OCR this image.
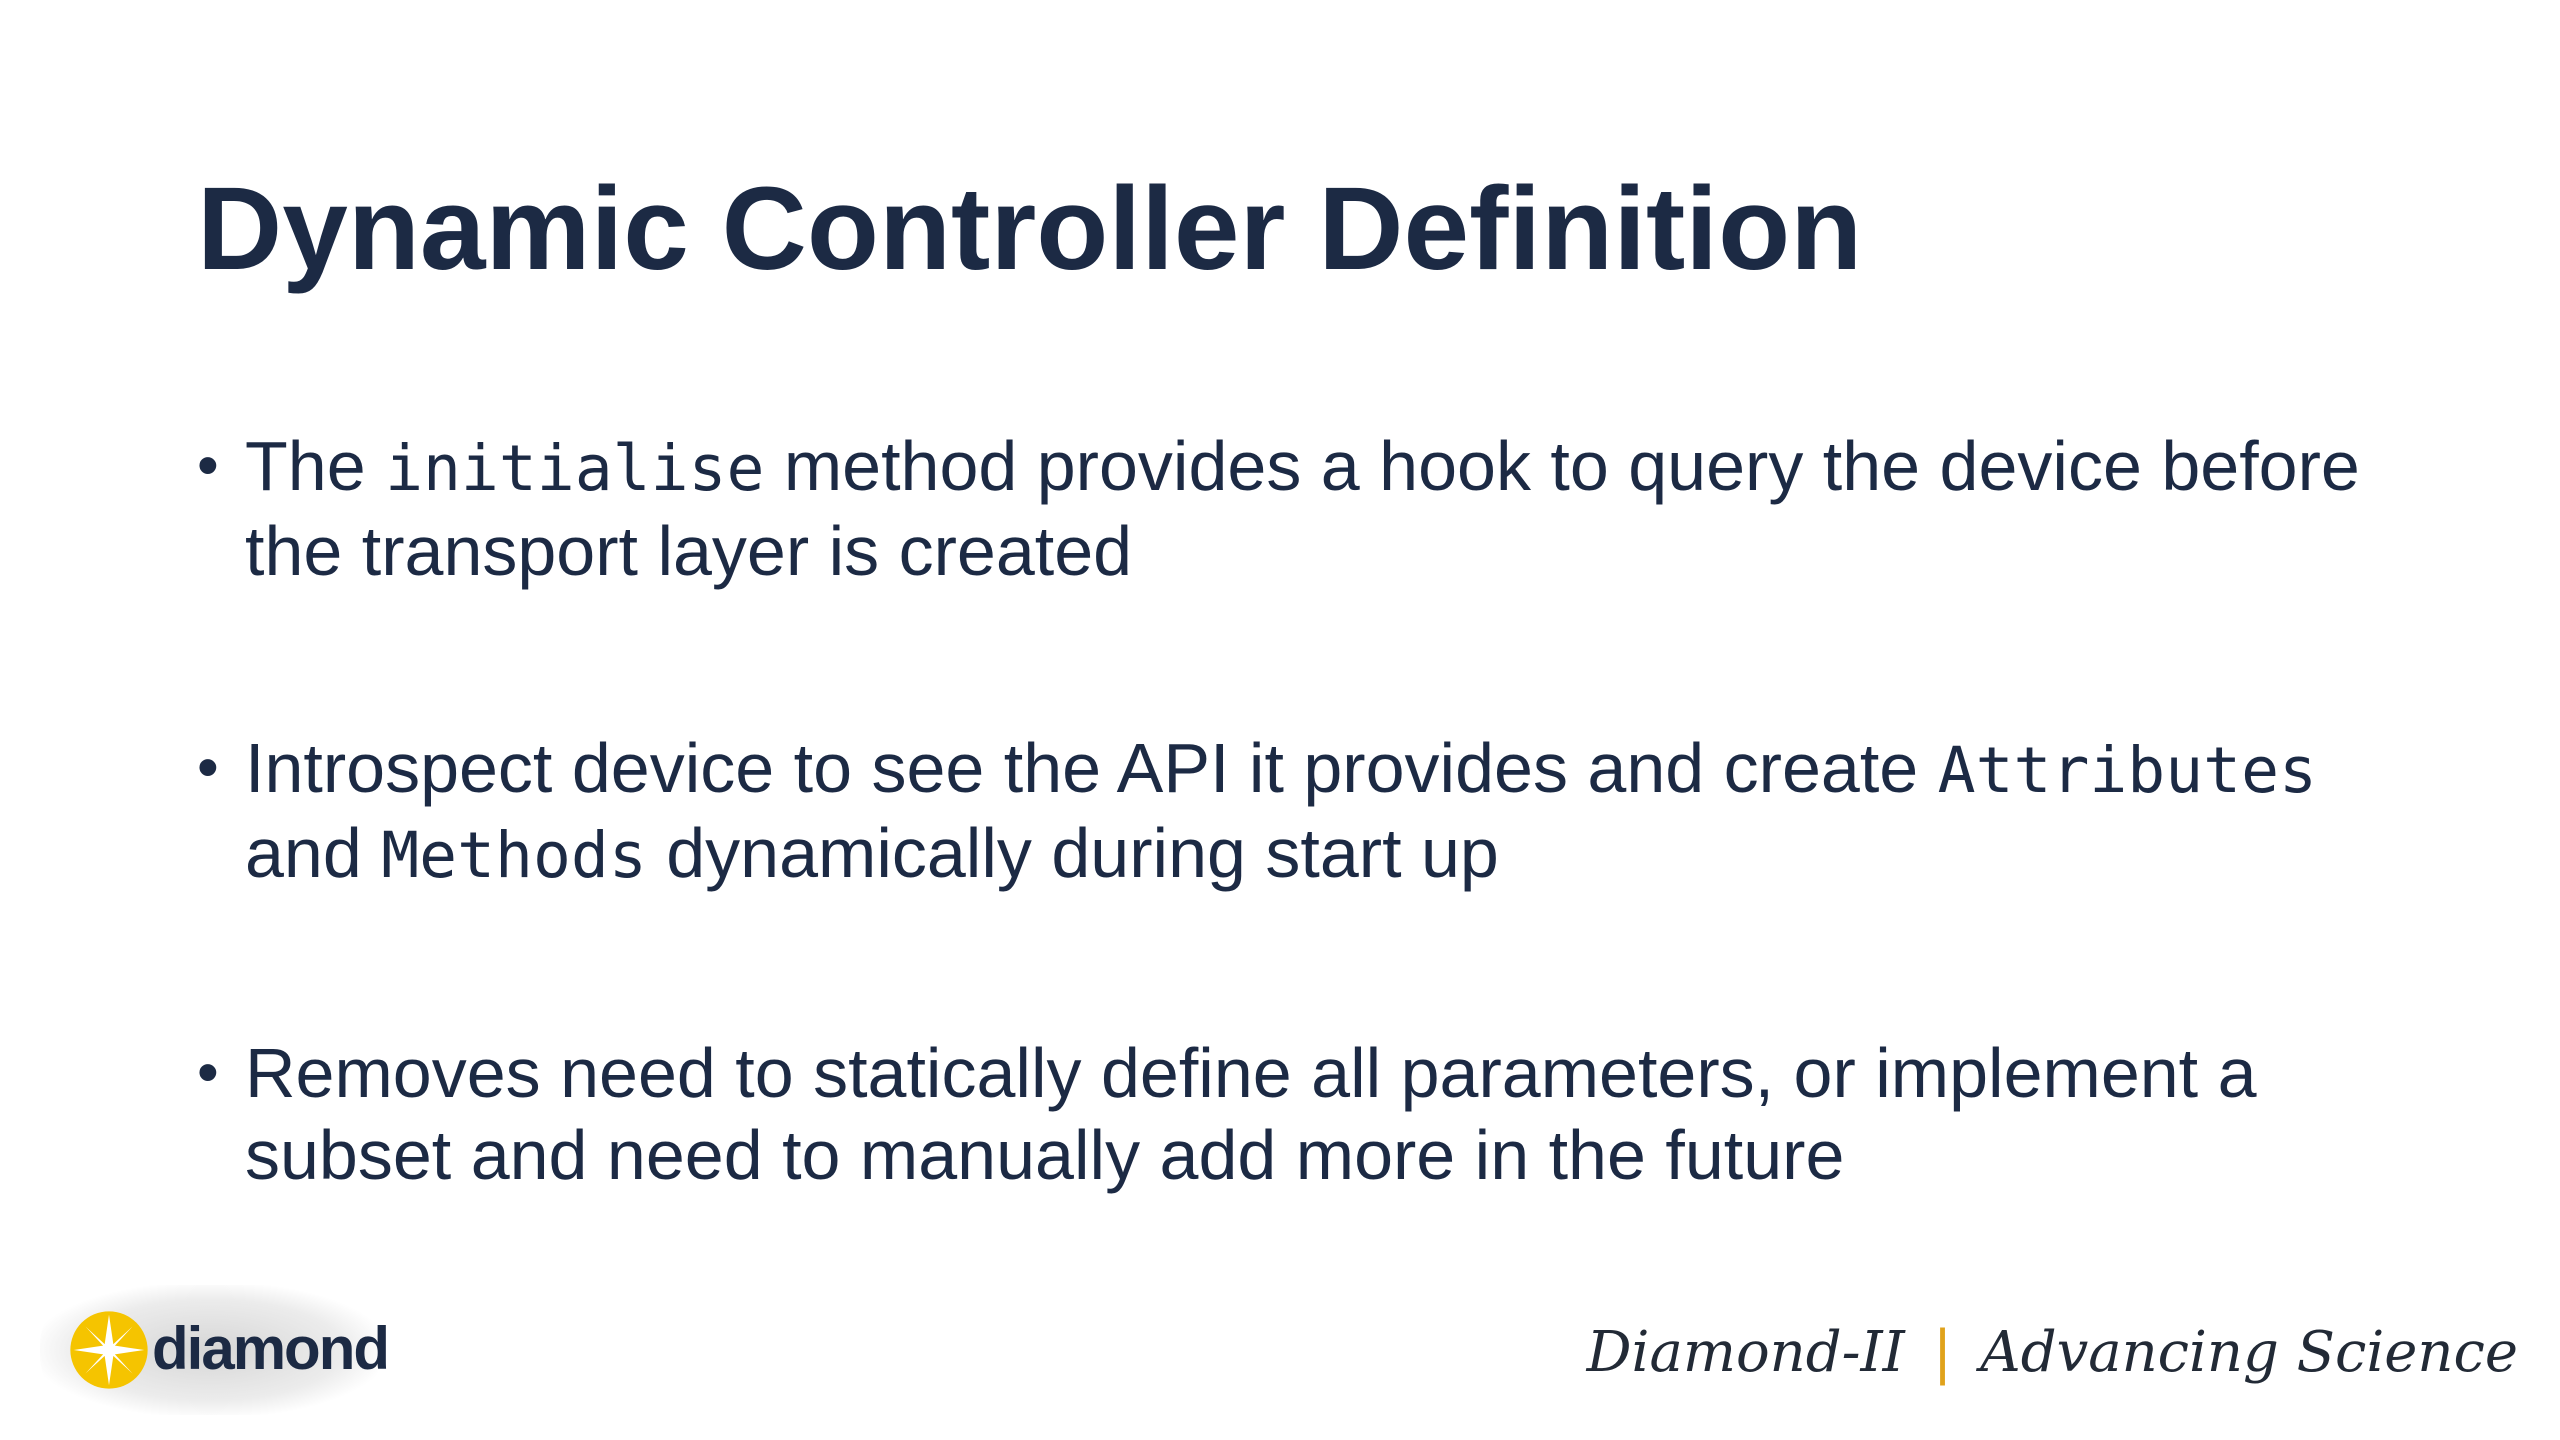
Dynamic Controller Definition
• The initialise method provides a hook to query the device before the transport layer is created
• Introspect device to see the API it provides and create Attributes and Methods dynamically during start up
• Removes need to statically define all parameters, or implement a subset and need to manually add more in the future
diamond	Diamond-II | Advancing Science
